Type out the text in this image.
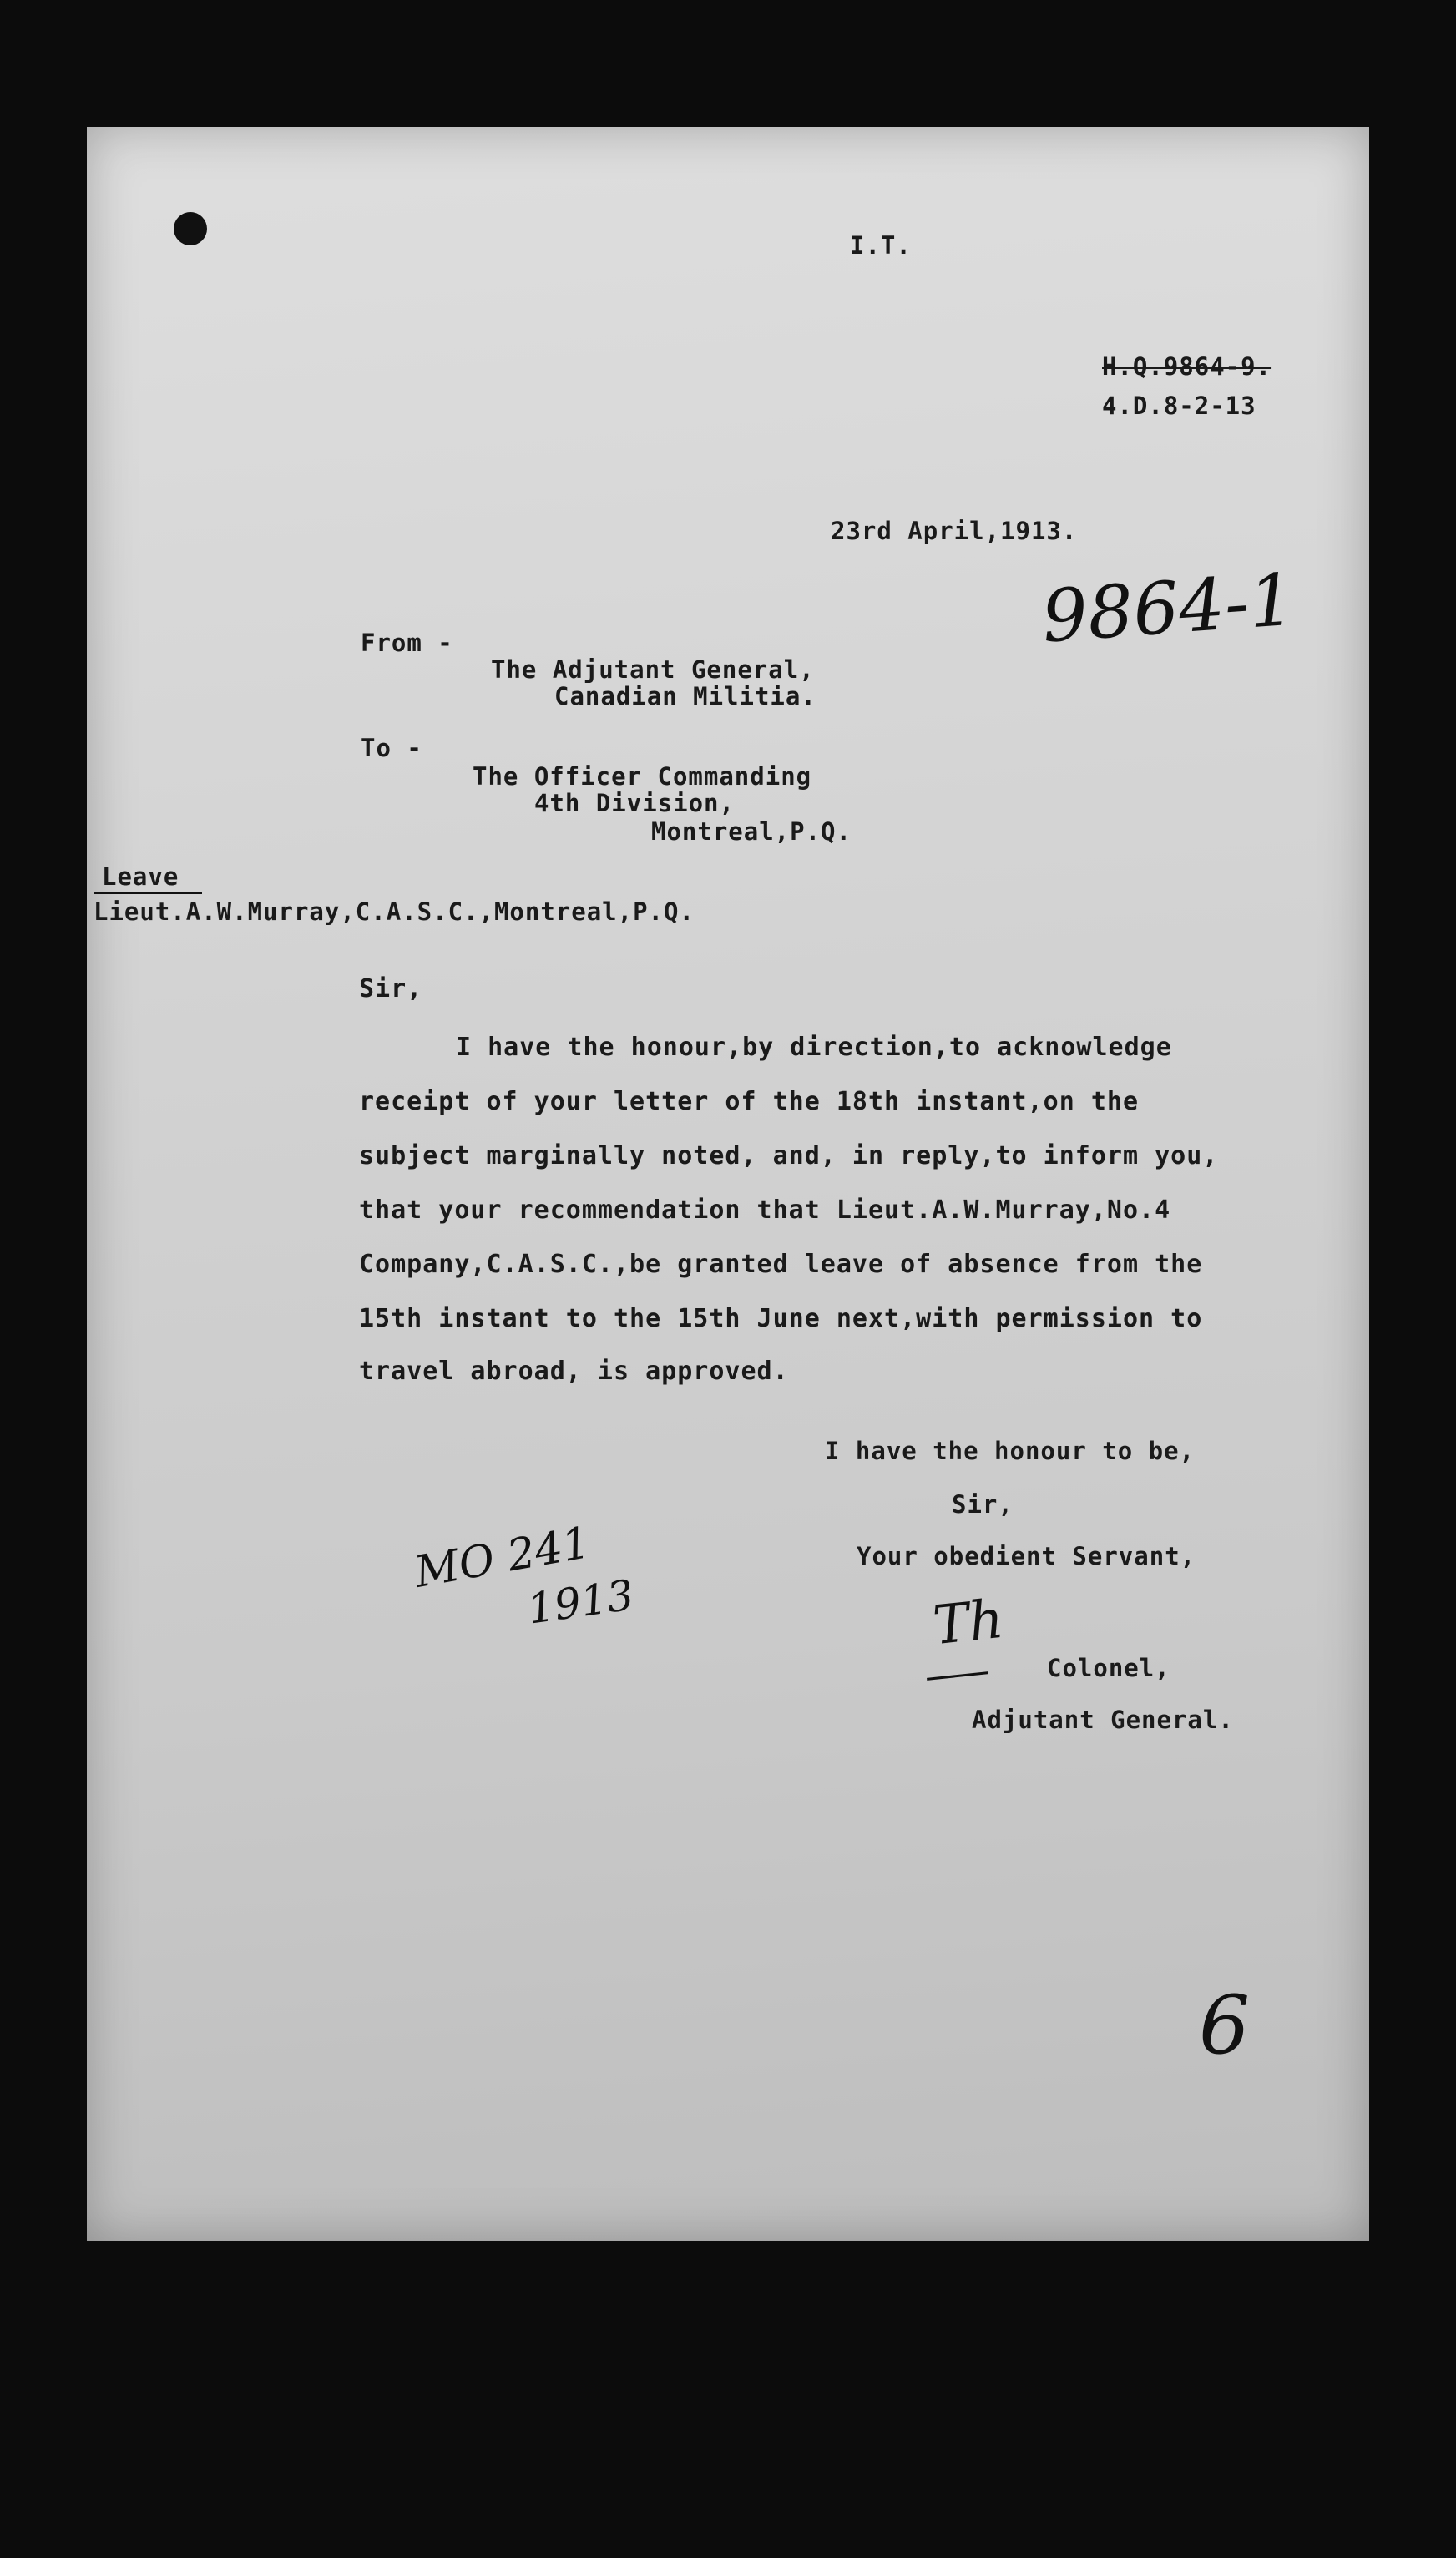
I.T.
H.Q.9864-9.
4.D.8-2-13
23rd April,1913.
9864-1
From -
The Adjutant General,
Canadian Militia.
To -
The Officer Commanding
4th Division,
Montreal,P.Q.
Leave
Lieut.A.W.Murray,C.A.S.C.,Montreal,P.Q.
Sir,
I have the honour,by direction,to acknowledge
receipt of your letter of the 18th instant,on the
subject marginally noted, and, in reply,to inform you,
that your recommendation that Lieut.A.W.Murray,No.4
Company,C.A.S.C.,be granted leave of absence from the
15th instant to the 15th June next,with permission to
travel abroad, is approved.
I have the honour to be,
Sir,
Your obedient Servant,
Th
Colonel,
Adjutant General.
MO 241
1913
6
